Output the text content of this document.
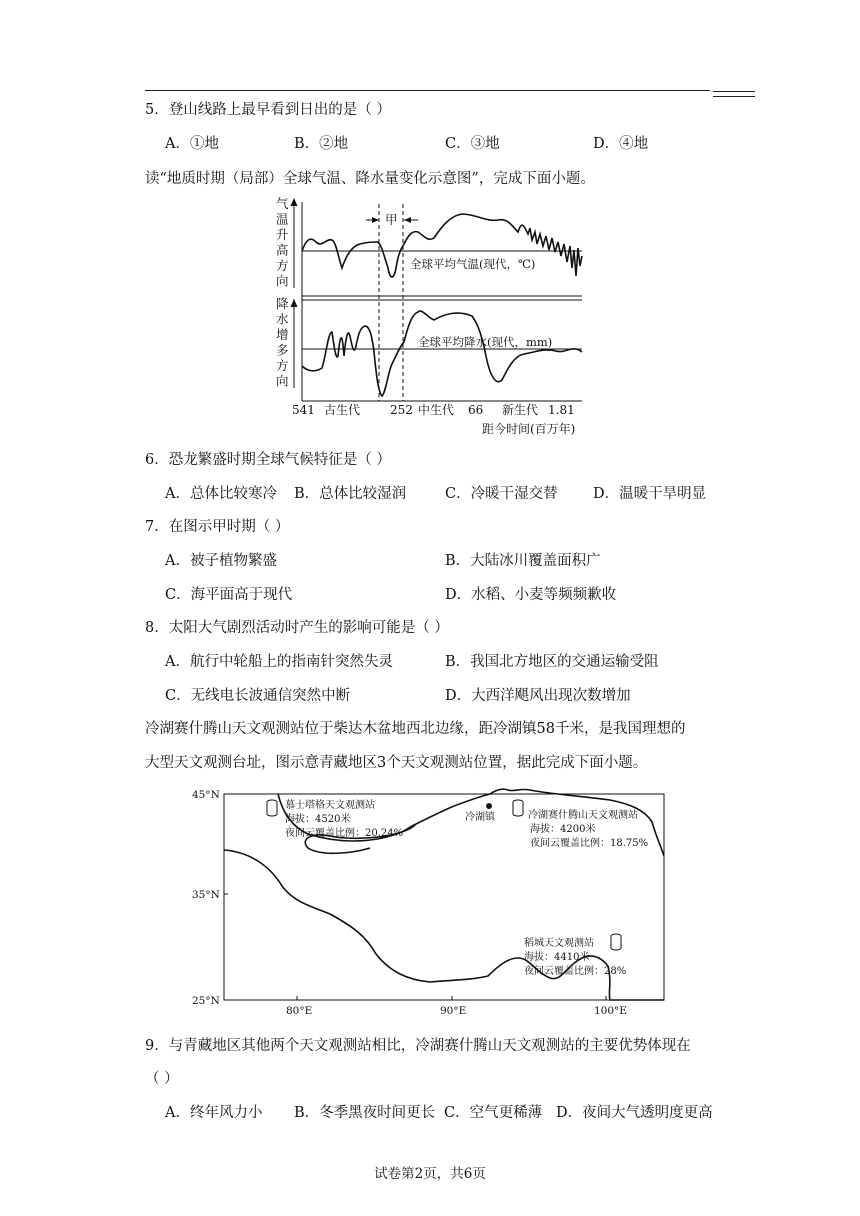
5．登山线路上最早看到日出的是（ ）
A．①地	B．②地	C．③地	D．④地
读“地质时期（局部）全球气温、降水量变化示意图”，完成下面小题。
气温升高方向
降水增多方向
甲
全球平均气温(现代，℃)
全球平均降水(现代，mm)
541 古生代 252 中生代 66 新生代 1.81
距今时间(百万年)
6．恐龙繁盛时期全球气候特征是（ ）
A．总体比较寒冷 B．总体比较湿润	C．冷暖干湿交替 D．温暖干旱明显
7．在图示甲时期（ ）
A．被子植物繁盛	B．大陆冰川覆盖面积广
C．海平面高于现代	D．水稻、小麦等频频歉收
8．太阳大气剧烈活动时产生的影响可能是（ ）
A．航行中轮船上的指南针突然失灵	B．我国北方地区的交通运输受阻
C．无线电长波通信突然中断	D．大西洋飓风出现次数增加
冷湖赛什腾山天文观测站位于柴达木盆地西北边缘，距冷湖镇58千米，是我国理想的
大型天文观测台址，图示意青藏地区3个天文观测站位置，据此完成下面小题。
45°N
35°N
25°N
80°E	90°E	100°E
慕士塔格天文观测站
海拔：4520米
夜间云覆盖比例：20.24%
冷湖镇	冷湖赛什腾山天文观测站
海拔：4200米
夜间云覆盖比例：18.75%
稻城天文观测站
海拔：4410米
夜间云覆盖比例：28%
9．与青藏地区其他两个天文观测站相比，冷湖赛什腾山天文观测站的主要优势体现在
（ ）
A．终年风力小 B．冬季黑夜时间更长 C．空气更稀薄 D．夜间大气透明度更高
试卷第2页，共6页
